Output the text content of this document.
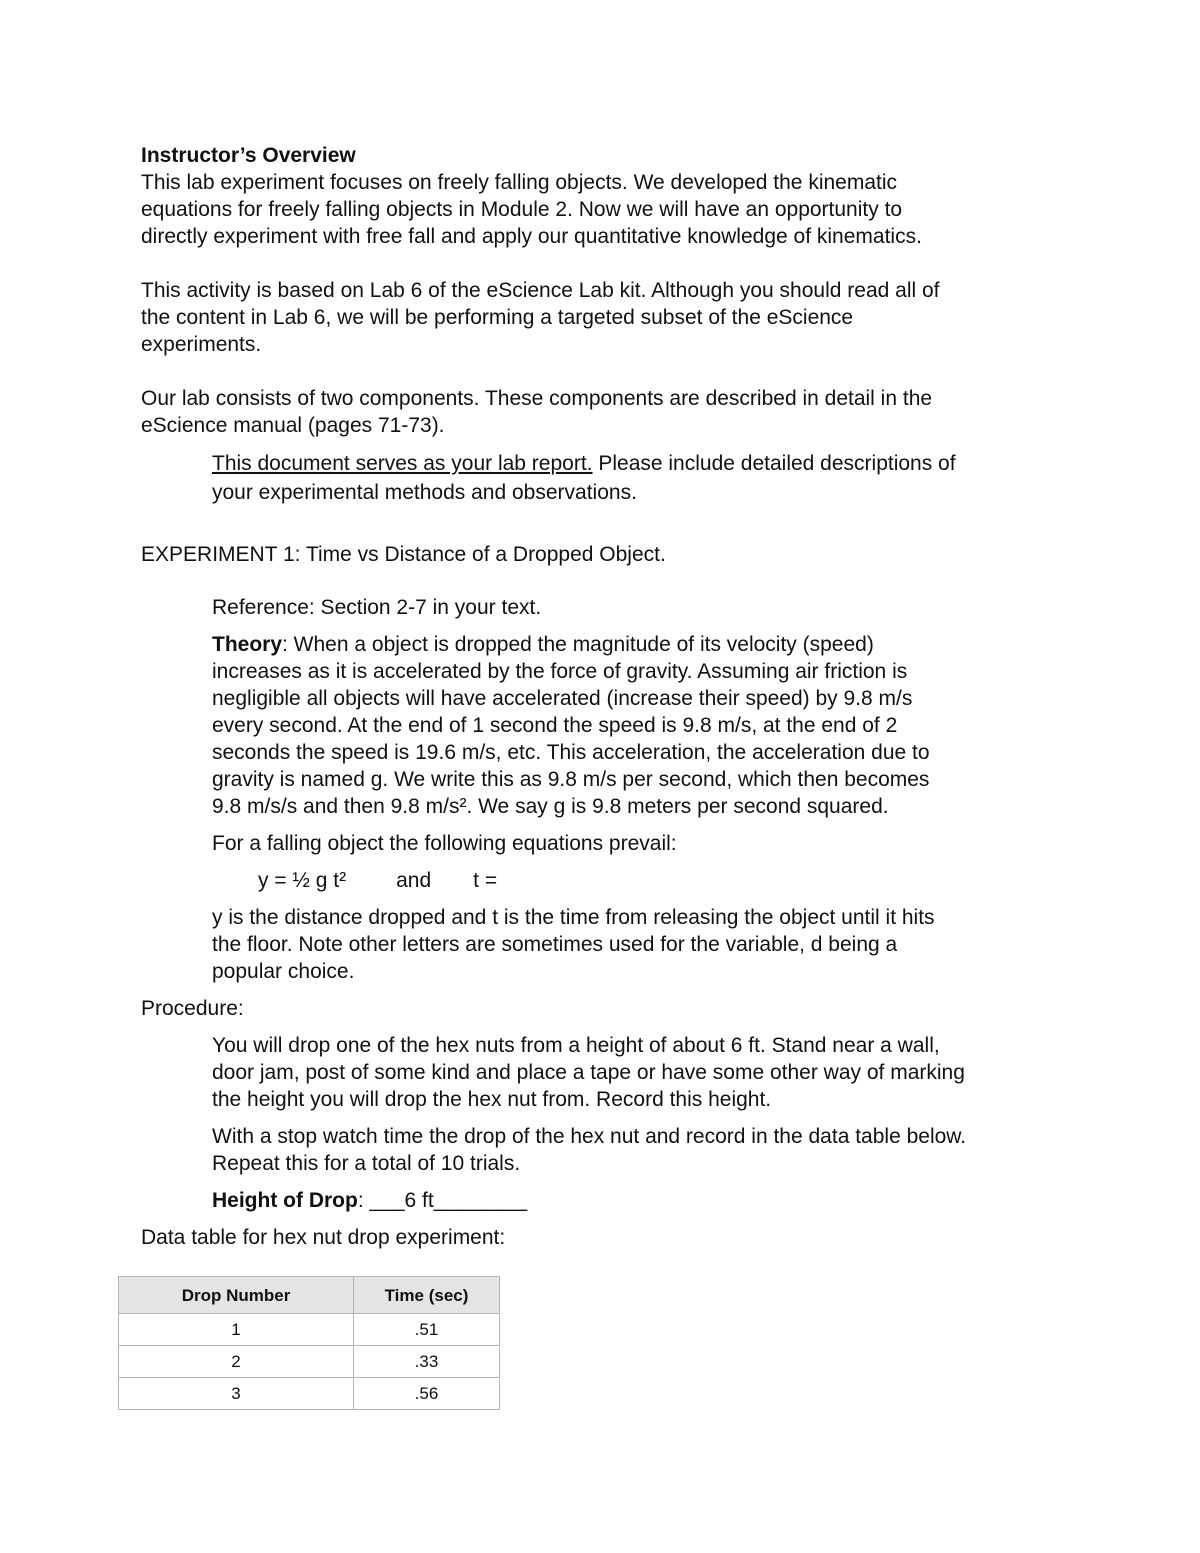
Instructor’s Overview

This lab experiment focuses on freely falling objects. We developed the kinematic

equations for freely falling objects in Module 2. Now we will have an opportunity to

directly experiment with free fall and apply our quantitative knowledge of kinematics.

This activity is based on Lab 6 of the eScience Lab kit. Although you should read all of

the content in Lab 6, we will be performing a targeted subset of the eScience

experiments.

Our lab consists of two components. These components are described in detail in the

eScience manual (pages 71-73).

This document serves as your lab report. Please include detailed descriptions of

your experimental methods and observations.

EXPERIMENT 1: Time vs Distance of a Dropped Object.

Reference: Section 2-7 in your text.

Theory: When a object is dropped the magnitude of its velocity (speed)

increases as it is accelerated by the force of gravity. Assuming air friction is

negligible all objects will have accelerated (increase their speed) by 9.8 m/s

every second. At the end of 1 second the speed is 9.8 m/s, at the end of 2

seconds the speed is 19.6 m/s, etc. This acceleration, the acceleration due to

gravity is named g. We write this as 9.8 m/s per second, which then becomes

9.8 m/s/s and then 9.8 m/s². We say g is 9.8 meters per second squared.

For a falling object the following equations prevail:

y = ½ g t² and t =

y is the distance dropped and t is the time from releasing the object until it hits

the floor. Note other letters are sometimes used for the variable, d being a

popular choice.

Procedure:

You will drop one of the hex nuts from a height of about 6 ft. Stand near a wall,

door jam, post of some kind and place a tape or have some other way of marking

the height you will drop the hex nut from. Record this height.

With a stop watch time the drop of the hex nut and record in the data table below.

Repeat this for a total of 10 trials.

Height of Drop: ___6 ft________

Data table for hex nut drop experiment:

Drop Number	Time (sec)
1	.51
2	.33
3	.56
